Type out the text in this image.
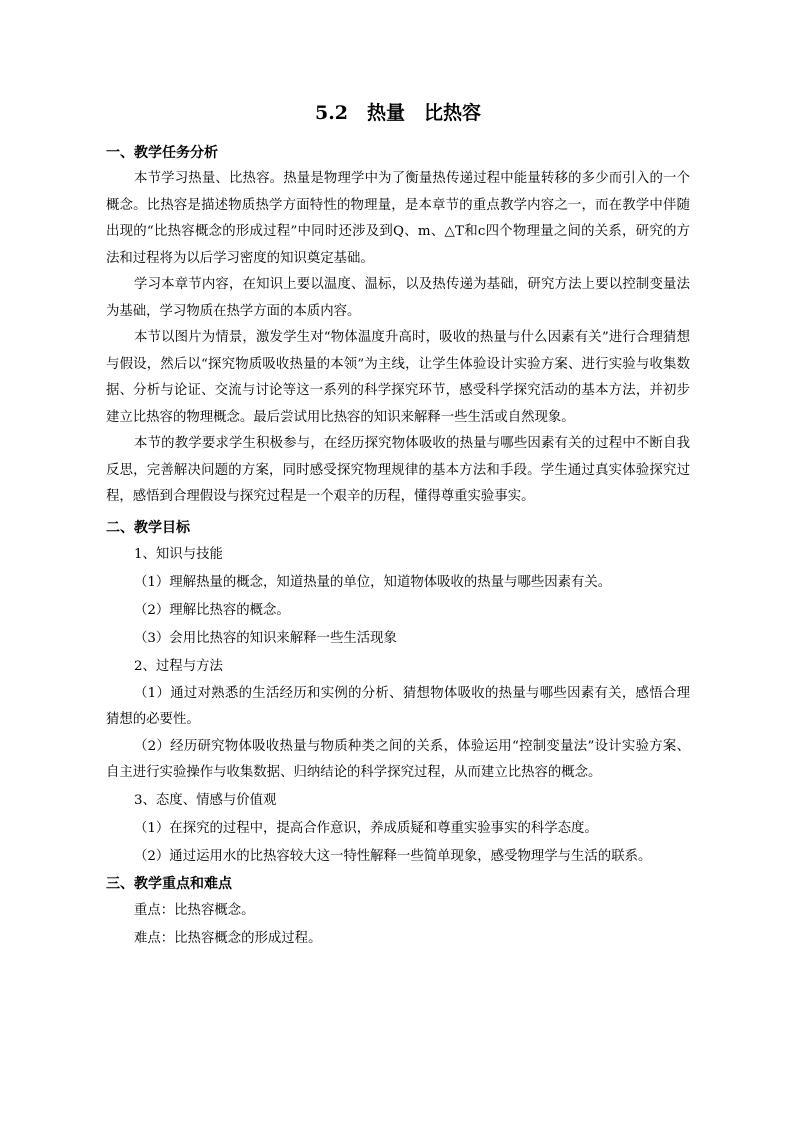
5.2　热量　比热容
一、教学任务分析

本节学习热量、比热容。热量是物理学中为了衡量热传递过程中能量转移的多少而引入的一个概念。比热容是描述物质热学方面特性的物理量，是本章节的重点教学内容之一，而在教学中伴随出现的“比热容概念的形成过程”中同时还涉及到Q、m、△T和c四个物理量之间的关系，研究的方法和过程将为以后学习密度的知识奠定基础。

学习本章节内容，在知识上要以温度、温标，以及热传递为基础，研究方法上要以控制变量法为基础，学习物质在热学方面的本质内容。

本节以图片为情景，激发学生对“物体温度升高时，吸收的热量与什么因素有关”进行合理猜想与假设，然后以“探究物质吸收热量的本领”为主线，让学生体验设计实验方案、进行实验与收集数据、分析与论证、交流与讨论等这一系列的科学探究环节，感受科学探究活动的基本方法，并初步建立比热容的物理概念。最后尝试用比热容的知识来解释一些生活或自然现象。

本节的教学要求学生积极参与，在经历探究物体吸收的热量与哪些因素有关的过程中不断自我反思，完善解决问题的方案，同时感受探究物理规律的基本方法和手段。学生通过真实体验探究过程，感悟到合理假设与探究过程是一个艰辛的历程，懂得尊重实验事实。

二、教学目标

1、知识与技能

（1）理解热量的概念，知道热量的单位，知道物体吸收的热量与哪些因素有关。

（2）理解比热容的概念。

（3）会用比热容的知识来解释一些生活现象

2、过程与方法

（1）通过对熟悉的生活经历和实例的分析、猜想物体吸收的热量与哪些因素有关，感悟合理猜想的必要性。

（2）经历研究物体吸收热量与物质种类之间的关系，体验运用“控制变量法”设计实验方案、自主进行实验操作与收集数据、归纳结论的科学探究过程，从而建立比热容的概念。

3、态度、情感与价值观

（1）在探究的过程中，提高合作意识，养成质疑和尊重实验事实的科学态度。

（2）通过运用水的比热容较大这一特性解释一些简单现象，感受物理学与生活的联系。

三、教学重点和难点

重点：比热容概念。

难点：比热容概念的形成过程。
